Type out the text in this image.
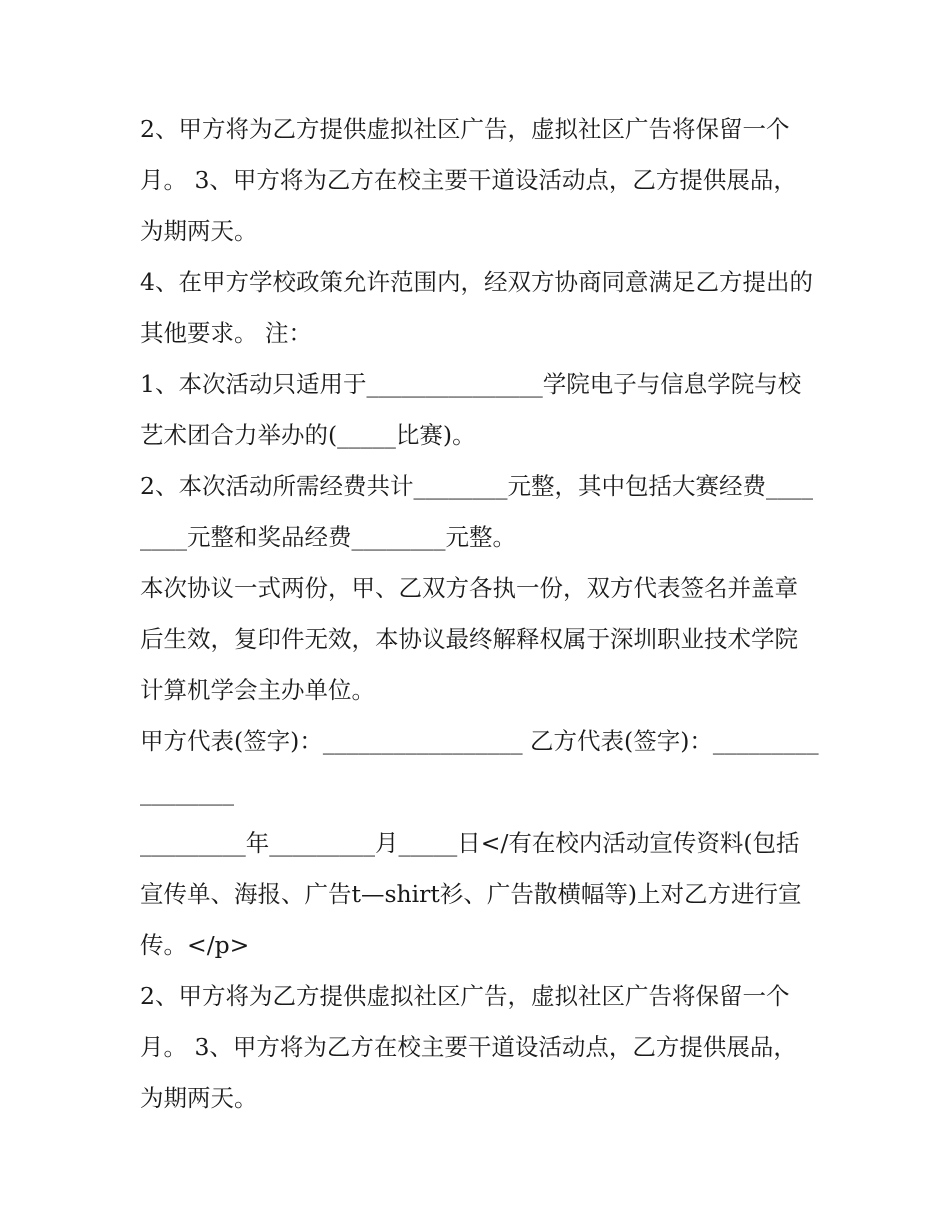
2、甲方将为乙方提供虚拟社区广告，虚拟社区广告将保留一个月。 3、甲方将为乙方在校主要干道设活动点，乙方提供展品，为期两天。

4、在甲方学校政策允许范围内，经双方协商同意满足乙方提出的其他要求。 注：

1、本次活动只适用于_______________学院电子与信息学院与校艺术团合力举办的(_____比赛)。

2、本次活动所需经费共计________元整，其中包括大赛经费________元整和奖品经费________元整。

本次协议一式两份，甲、乙双方各执一份，双方代表签名并盖章后生效，复印件无效，本协议最终解释权属于深圳职业技术学院计算机学会主办单位。

甲方代表(签字)：_________________ 乙方代表(签字)：_________________

_________年_________月_____日</有在校内活动宣传资料(包括宣传单、海报、广告t—shirt衫、广告散横幅等)上对乙方进行宣传。</p>

2、甲方将为乙方提供虚拟社区广告，虚拟社区广告将保留一个月。 3、甲方将为乙方在校主要干道设活动点，乙方提供展品，为期两天。
